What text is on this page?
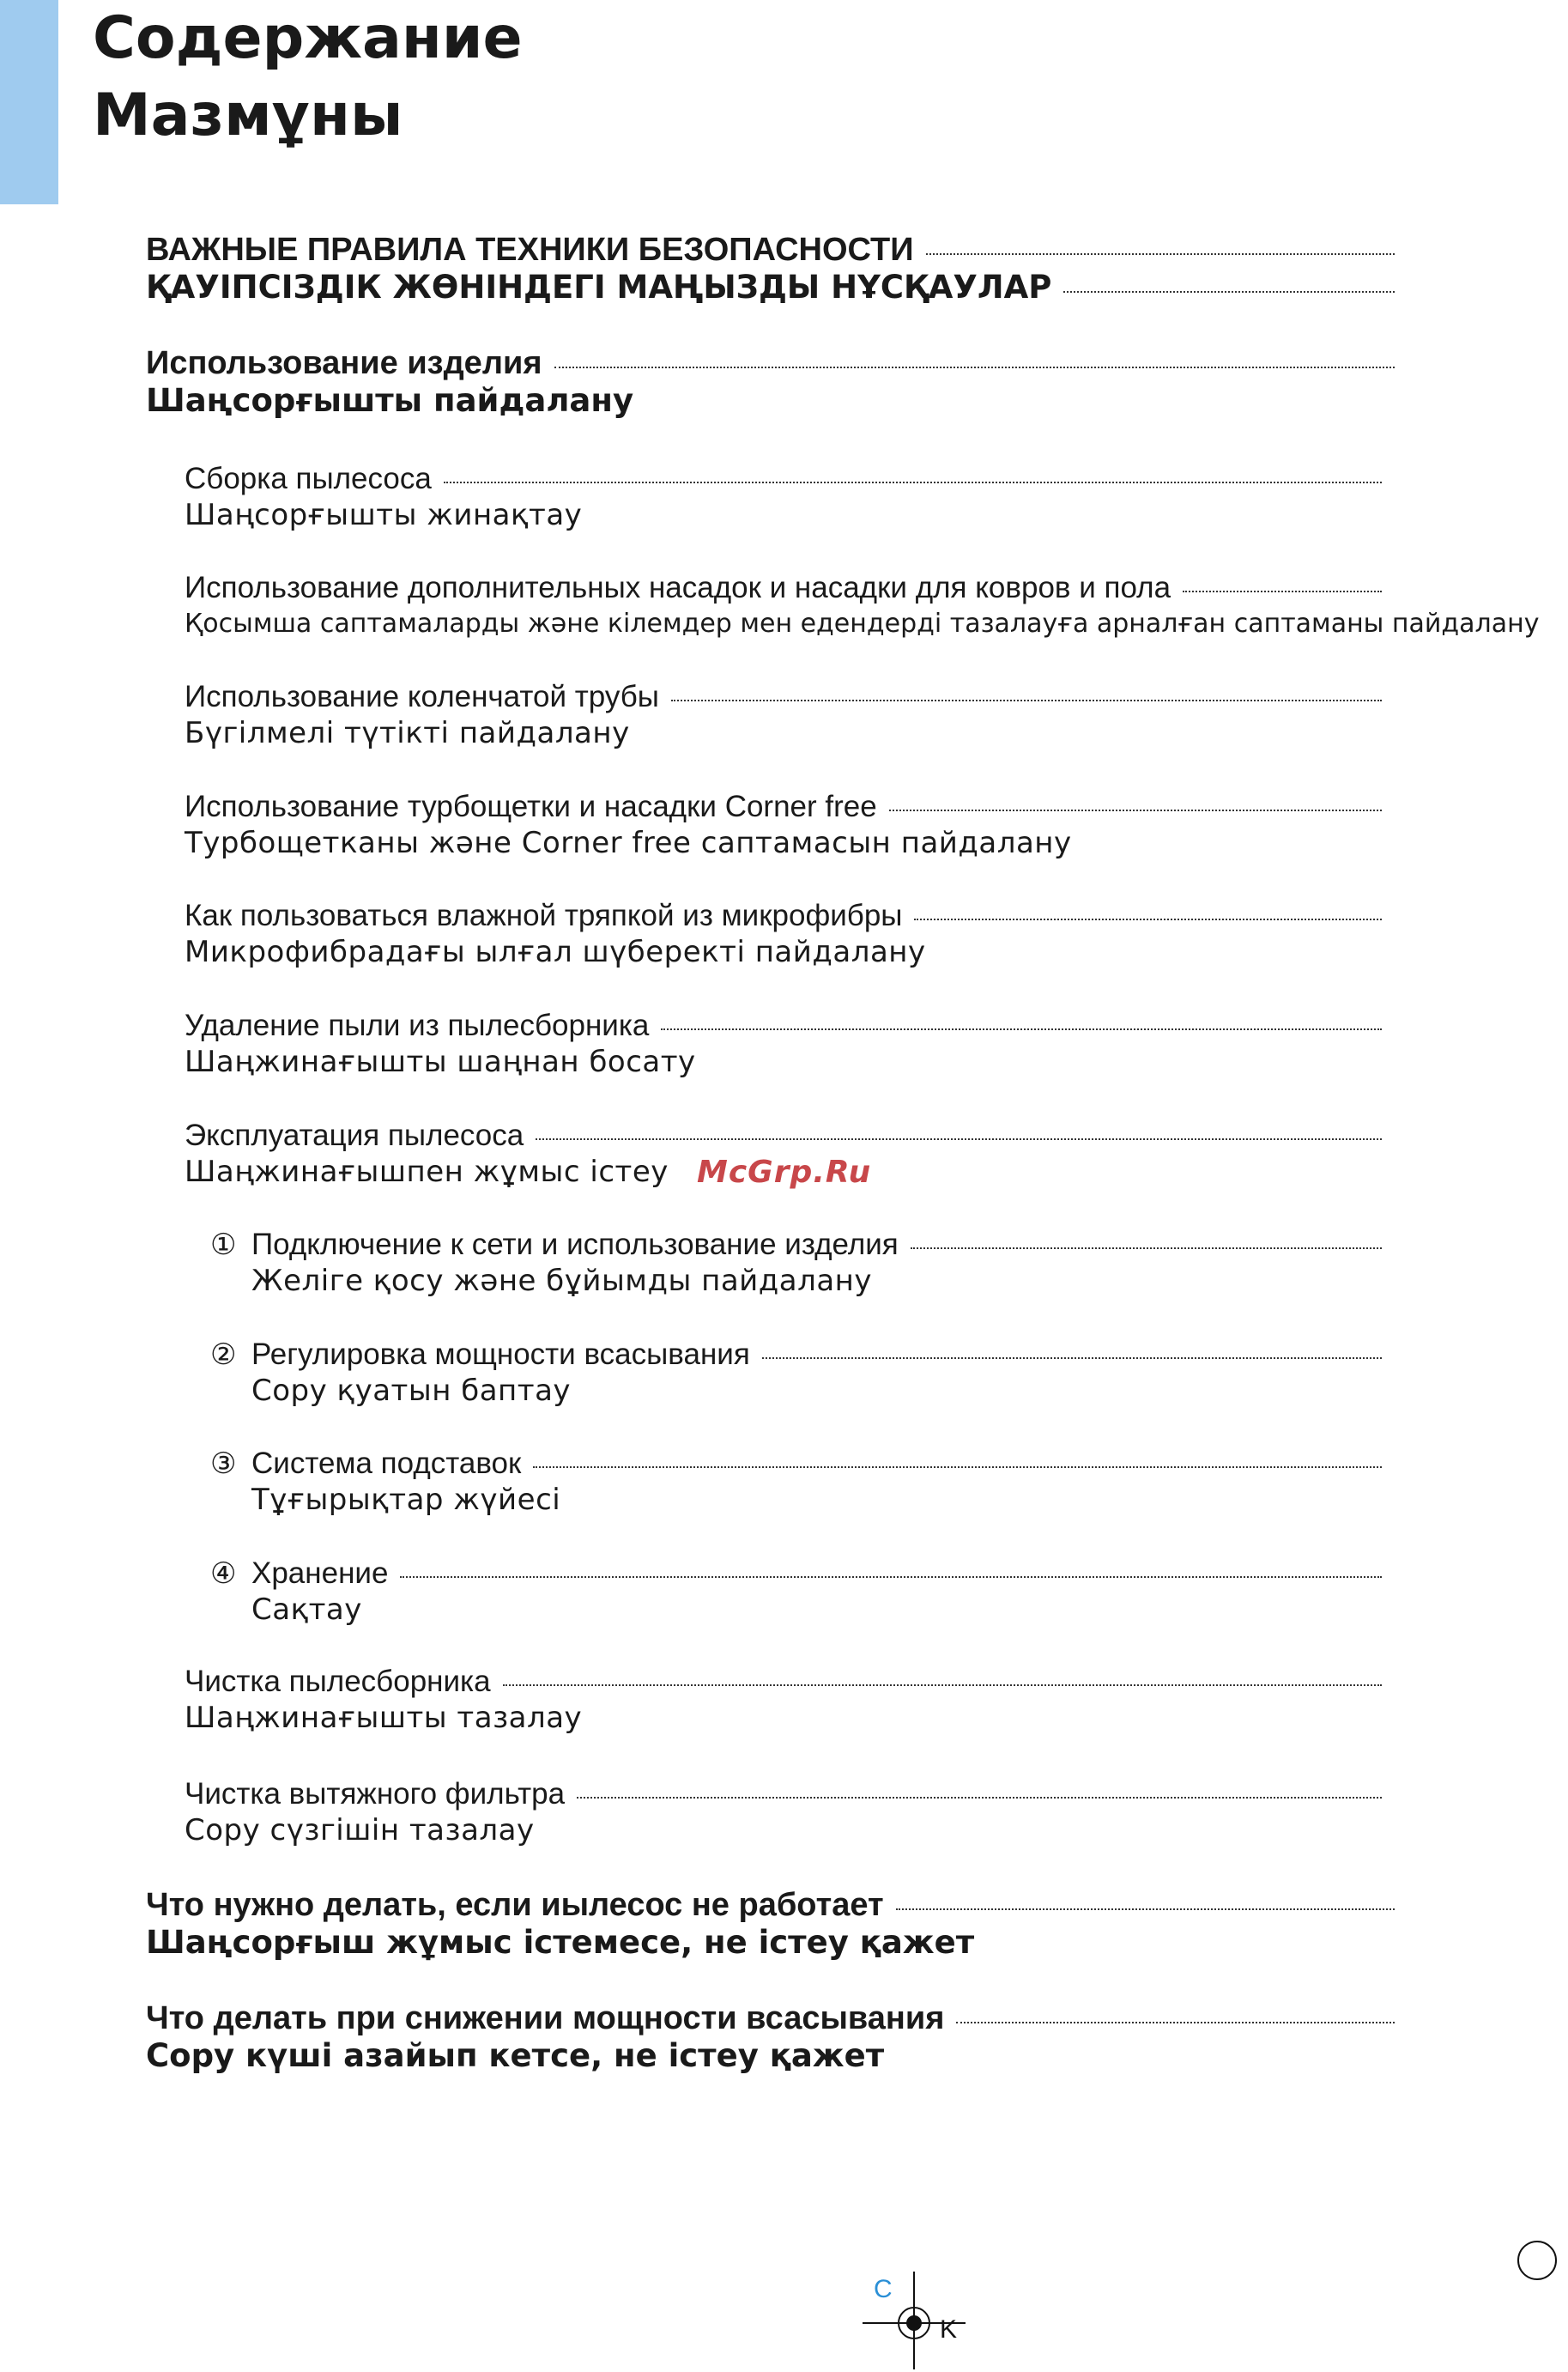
Содержание
Мазмұны
ВАЖНЫЕ ПРАВИЛА ТЕХНИКИ БЕЗОПАСНОСТИ
ҚАУІПСІЗДІК ЖӨНІНДЕГІ МАҢЫЗДЫ НҰСҚАУЛАР
Использование изделия
Шаңсорғышты пайдалану
Сборка пылесоса
Шаңсорғышты жинақтау
Использование дополнительных насадок и насадки для ковров и пола
Қосымша саптамаларды және кілемдер мен едендерді тазалауға арналған саптаманы пайдалану
Использование коленчатой трубы
Бүгілмелі түтікті пайдалану
Использование турбощетки и насадки Corner free
Турбощетканы және Corner free саптамасын пайдалану
Как пользоваться влажной тряпкой из микрофибры
Микрофибрадағы ылғал шүберекті пайдалану
Удаление пыли из пылесборника
Шаңжинағышты шаңнан босату
Эксплуатация пылесоса
Шаңжинағышпен жұмыс істеу
① Подключение к сети и использование изделия
Желіге қосу және бұйымды пайдалану
② Регулировка мощности всасывания
Сору қуатын баптау
③ Система подставок
Тұғырықтар жүйесі
④ Хранение
Сақтау
Чистка пылесборника
Шаңжинағышты тазалау
Чистка вытяжного фильтра
Сору сүзгішін тазалау
Что нужно делать, если иылесос не работает
Шаңсорғыш жұмыс істемесе, не істеу қажет
Что делать при снижении мощности всасывания
Сору күші азайып кетсе, не істеу қажет
McGrp.Ru
C
K
